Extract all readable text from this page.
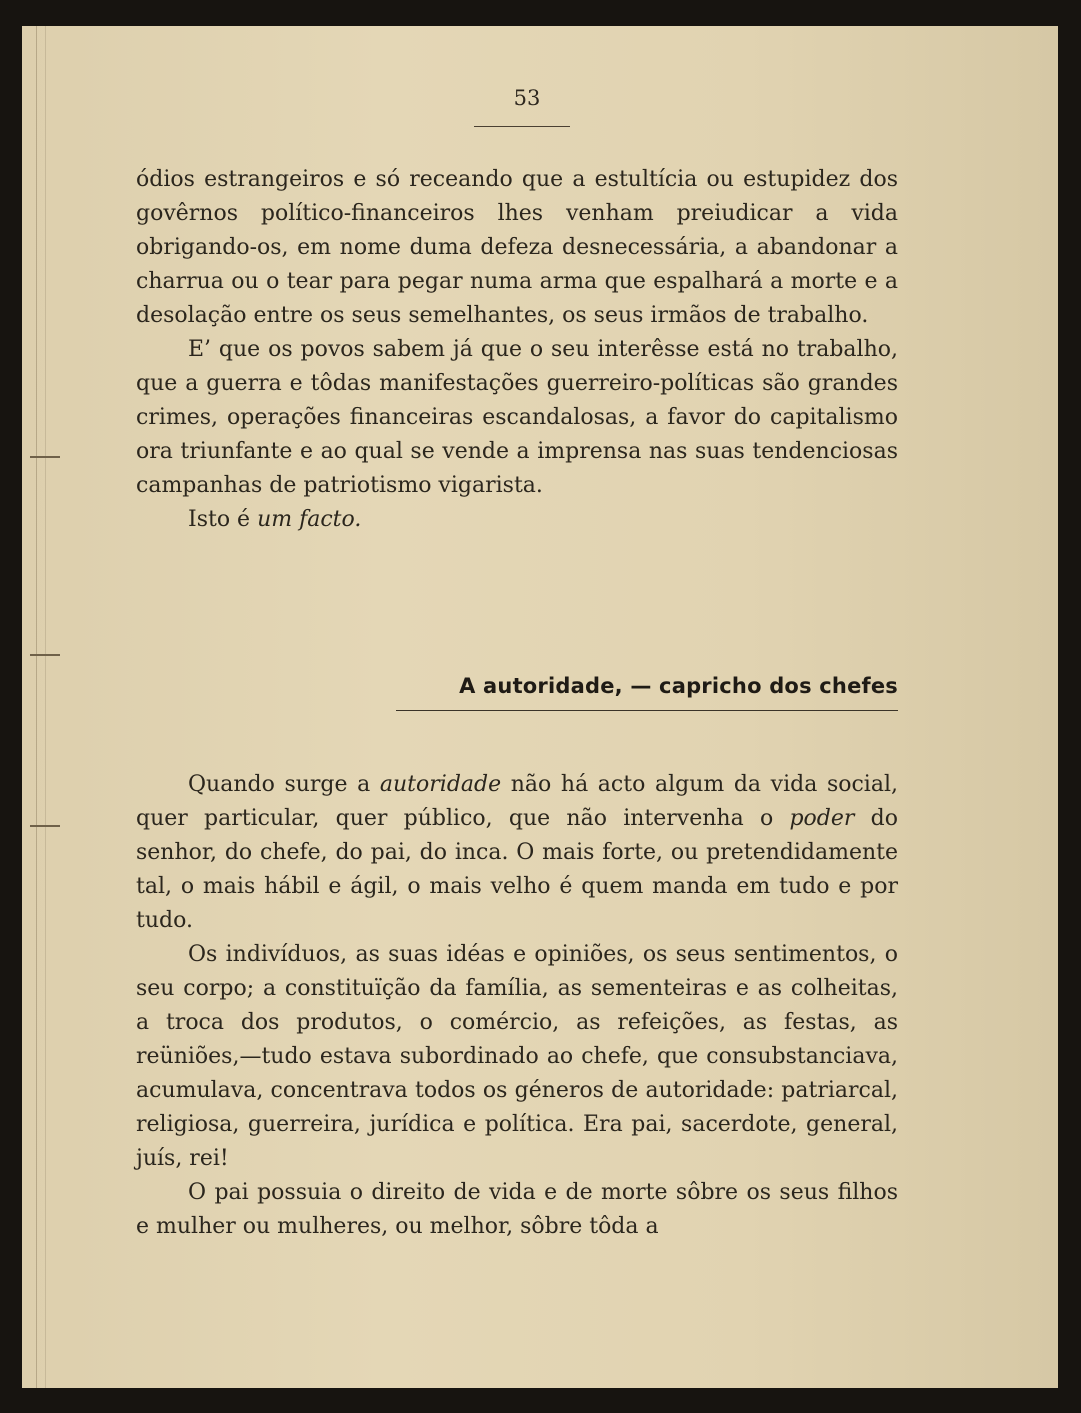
53

ódios estrangeiros e só receando que a estultícia ou estupidez dos govêrnos político-financeiros lhes venham preiudicar a vida obrigando-os, em nome duma defeza desnecessária, a abandonar a charrua ou o tear para pegar numa arma que espalhará a morte e a desolação entre os seus semelhantes, os seus irmãos de trabalho.

E’ que os povos sabem já que o seu interêsse está no trabalho, que a guerra e tôdas manifestações guerreiro-políticas são grandes crimes, operações financeiras escandalosas, a favor do capitalismo ora triunfante e ao qual se vende a imprensa nas suas tendenciosas campanhas de patriotismo vigarista.

Isto é um facto.

A autoridade, — capricho dos chefes

Quando surge a autoridade não há acto algum da vida social, quer particular, quer público, que não intervenha o poder do senhor, do chefe, do pai, do inca. O mais forte, ou pretendidamente tal, o mais hábil e ágil, o mais velho é quem manda em tudo e por tudo.

Os indivíduos, as suas idéas e opiniões, os seus sentimentos, o seu corpo; a constituïção da família, as sementeiras e as colheitas, a troca dos produtos, o comércio, as refeições, as festas, as reüniões,—tudo estava subordinado ao chefe, que consubstanciava, acumulava, concentrava todos os géneros de autoridade: patriarcal, religiosa, guerreira, jurídica e política. Era pai, sacerdote, general, juís, rei!

O pai possuia o direito de vida e de morte sôbre os seus filhos e mulher ou mulheres, ou melhor, sôbre tôda a
